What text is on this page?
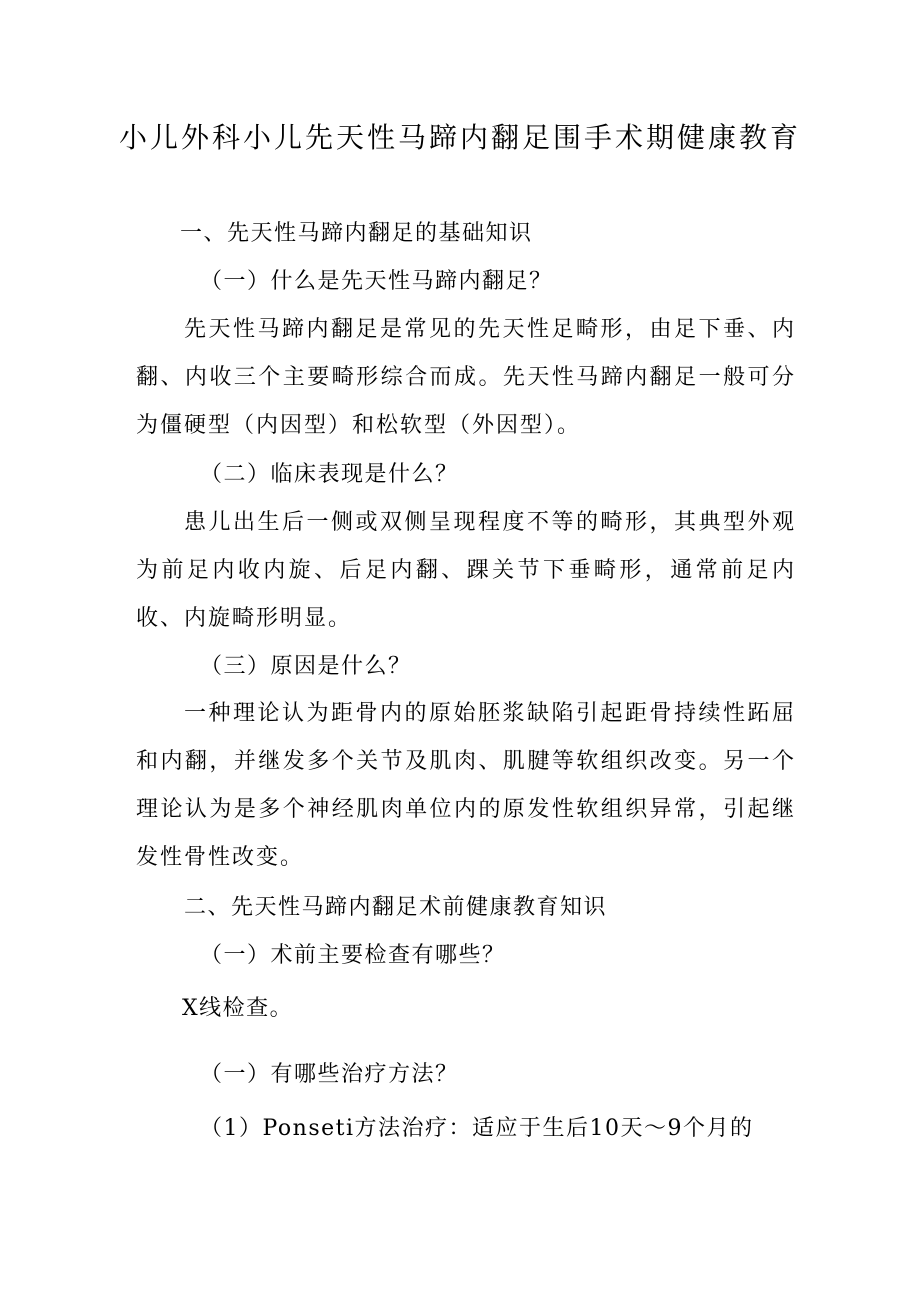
小儿外科小儿先天性马蹄内翻足围手术期健康教育

一、先天性马蹄内翻足的基础知识

（一）什么是先天性马蹄内翻足？

先天性马蹄内翻足是常见的先天性足畸形，由足下垂、内翻、内收三个主要畸形综合而成。先天性马蹄内翻足一般可分为僵硬型（内因型）和松软型（外因型）。

（二）临床表现是什么？

患儿出生后一侧或双侧呈现程度不等的畸形，其典型外观为前足内收内旋、后足内翻、踝关节下垂畸形，通常前足内收、内旋畸形明显。

（三）原因是什么？

一种理论认为距骨内的原始胚浆缺陷引起距骨持续性跖屈和内翻，并继发多个关节及肌肉、肌腱等软组织改变。另一个理论认为是多个神经肌肉单位内的原发性软组织异常，引起继发性骨性改变。

二、先天性马蹄内翻足术前健康教育知识

（一）术前主要检查有哪些？

X线检查。

（一）有哪些治疗方法？

（1）Ponseti方法治疗：适应于生后10天～9个月的
